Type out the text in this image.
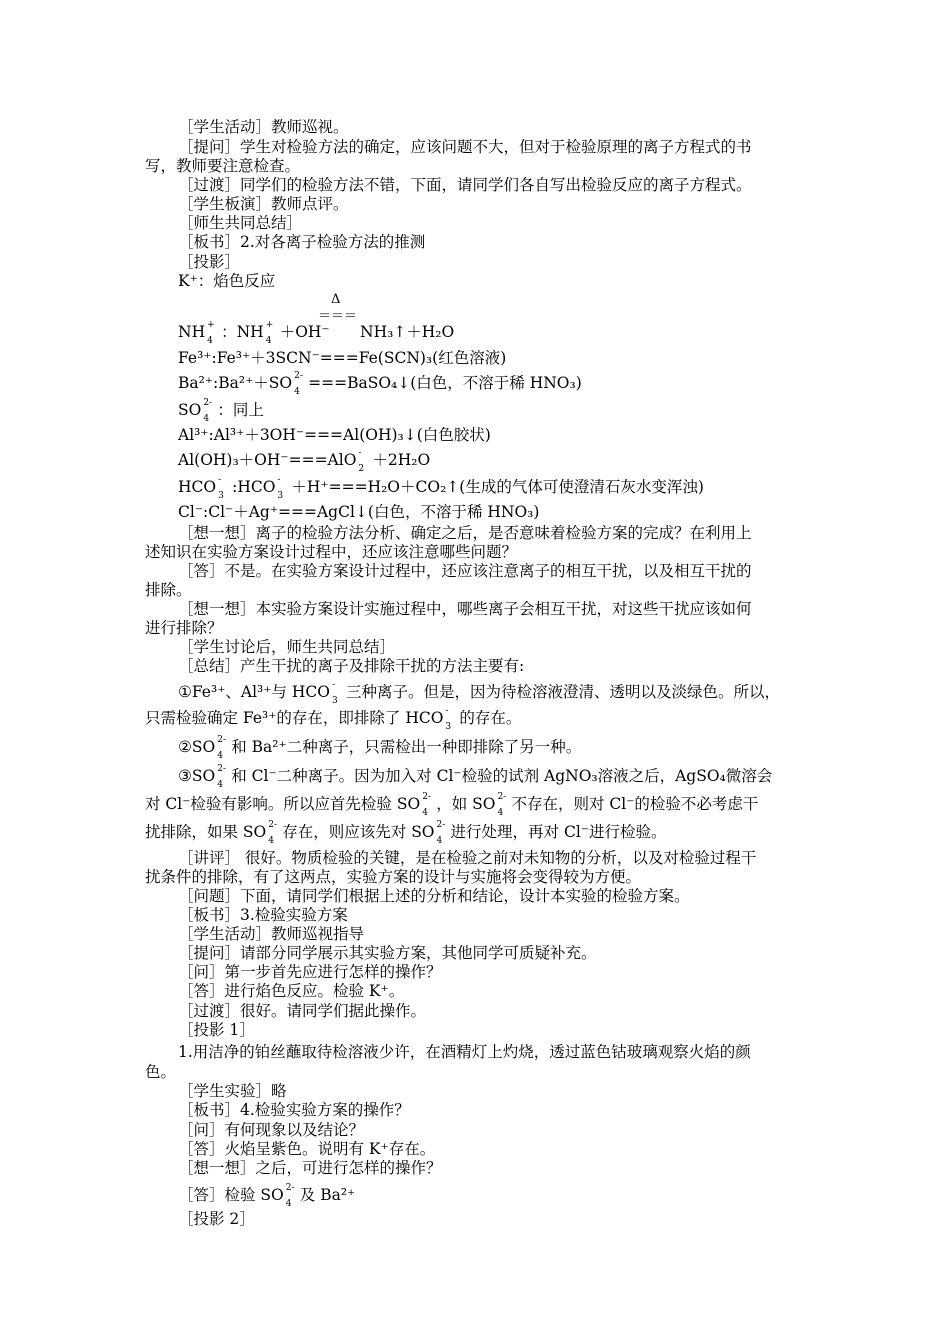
［学生活动］教师巡视。
［提问］学生对检验方法的确定，应该问题不大，但对于检验原理的离子方程式的书
写，教师要注意检查。
［过渡］同学们的检验方法不错，下面，请同学们各自写出检验反应的离子方程式。
［学生板演］教师点评。
［师生共同总结］
［板书］2.对各离子检验方法的推测
［投影］
K⁺：焰色反应
Δ
＝＝＝
NH +
4 ：NH +
4 ＋OH⁻ NH₃↑＋H₂O
Fe³⁺:Fe³⁺＋3SCN⁻===Fe(SCN)₃(红色溶液)
Ba²⁺:Ba²⁺＋SO 2-
4 ===BaSO₄↓(白色，不溶于稀 HNO₃)
SO 2-
4 ：同上
Al³⁺:Al³⁺＋3OH⁻===Al(OH)₃↓(白色胶状)
Al(OH)₃＋OH⁻===AlO -
2 ＋2H₂O
HCO -
3 :HCO -
3 ＋H⁺===H₂O＋CO₂↑(生成的气体可使澄清石灰水变浑浊)
Cl⁻:Cl⁻＋Ag⁺===AgCl↓(白色，不溶于稀 HNO₃)
［想一想］离子的检验方法分析、确定之后，是否意味着检验方案的完成？在利用上
述知识在实验方案设计过程中，还应该注意哪些问题？
［答］不是。在实验方案设计过程中，还应该注意离子的相互干扰，以及相互干扰的
排除。
［想一想］本实验方案设计实施过程中，哪些离子会相互干扰，对这些干扰应该如何
进行排除？
［学生讨论后，师生共同总结］
［总结］产生干扰的离子及排除干扰的方法主要有:
①Fe³⁺、Al³⁺与 HCO -
3 三种离子。但是，因为待检溶液澄清、透明以及淡绿色。所以，
只需检验确定 Fe³⁺的存在，即排除了 HCO -
3 的存在。
②SO 2-
4 和 Ba²⁺二种离子，只需检出一种即排除了另一种。
③SO 2-
4 和 Cl⁻二种离子。因为加入对 Cl⁻检验的试剂 AgNO₃溶液之后，AgSO₄微溶会
对 Cl⁻检验有影响。所以应首先检验 SO 2-
4 ，如 SO 2-
4 不存在，则对 Cl⁻的检验不必考虑干
扰排除，如果 SO 2-
4 存在，则应该先对 SO 2-
4 进行处理，再对 Cl⁻进行检验。
［讲评］ 很好。物质检验的关键，是在检验之前对未知物的分析，以及对检验过程干
扰条件的排除，有了这两点，实验方案的设计与实施将会变得较为方便。
［问题］下面，请同学们根据上述的分析和结论，设计本实验的检验方案。
［板书］3.检验实验方案
［学生活动］教师巡视指导
［提问］请部分同学展示其实验方案，其他同学可质疑补充。
［问］第一步首先应进行怎样的操作？
［答］进行焰色反应。检验 K⁺。
［过渡］很好。请同学们据此操作。
［投影 1］
1.用洁净的铂丝蘸取待检溶液少许，在酒精灯上灼烧，透过蓝色钴玻璃观察火焰的颜
色。
［学生实验］略
［板书］4.检验实验方案的操作？
［问］有何现象以及结论？
［答］火焰呈紫色。说明有 K⁺存在。
［想一想］之后，可进行怎样的操作？
［答］检验 SO 2-
4 及 Ba²⁺
［投影 2］
